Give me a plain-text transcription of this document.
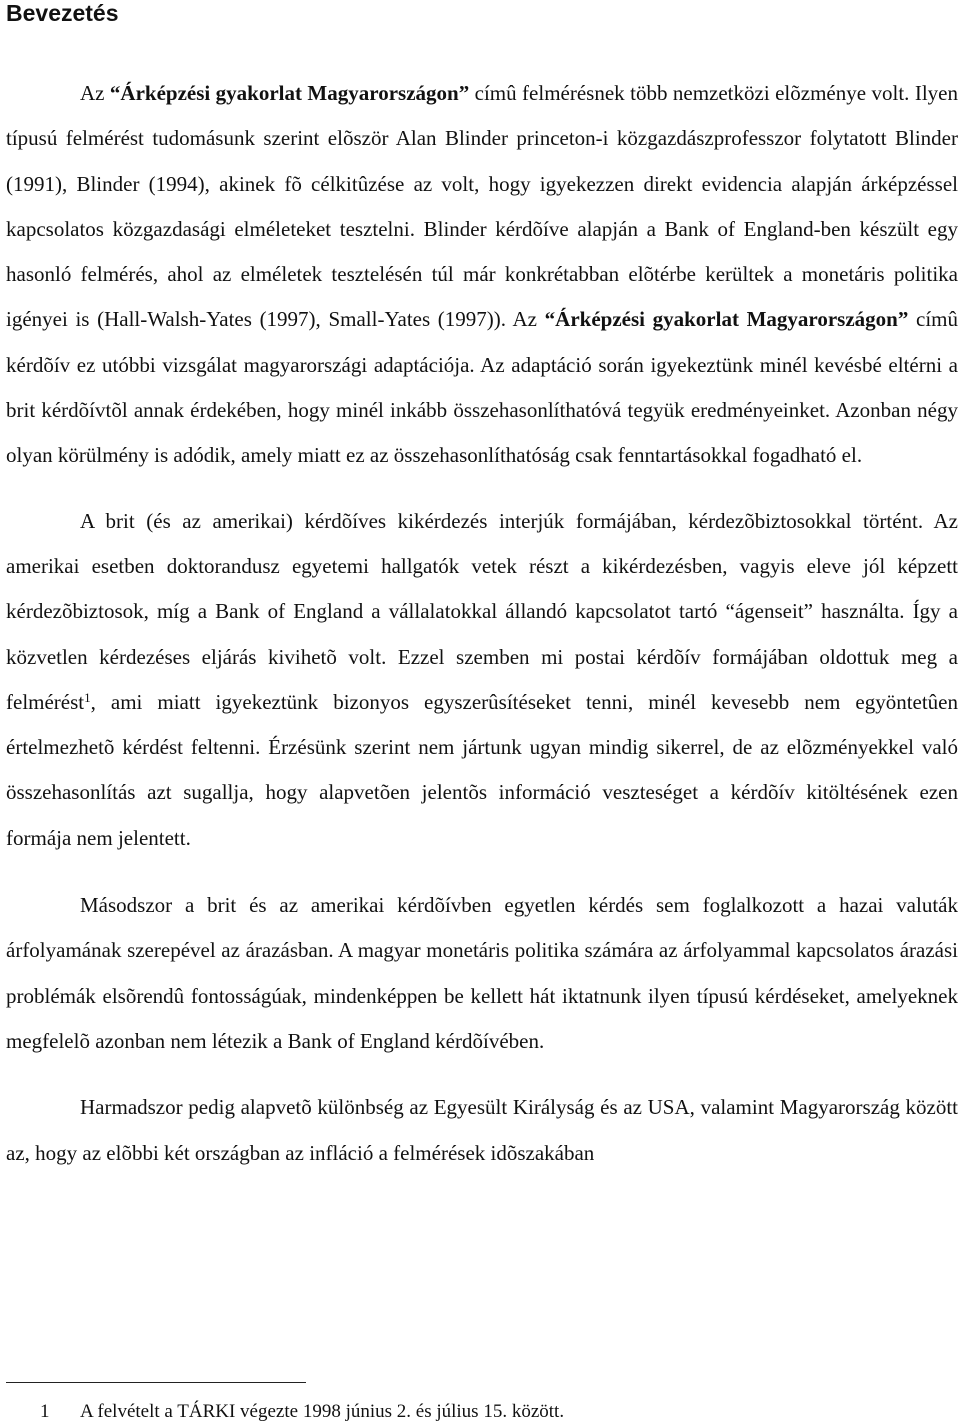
Bevezetés

Az “Árképzési gyakorlat Magyarországon” címû felmérésnek több nemzetközi elõzménye volt. Ilyen típusú felmérést tudomásunk szerint elõször Alan Blinder princeton-i közgazdászprofesszor folytatott Blinder (1991), Blinder (1994), akinek fõ célkitûzése az volt, hogy igyekezzen direkt evidencia alapján árképzéssel kapcsolatos közgazdasági elméleteket tesztelni. Blinder kérdõíve alapján a Bank of England-ben készült egy hasonló felmérés, ahol az elméletek tesztelésén túl már konkrétabban elõtérbe kerültek a monetáris politika igényei is (Hall-Walsh-Yates (1997), Small-Yates (1997)). Az “Árképzési gyakorlat Magyarországon” címû kérdõív ez utóbbi vizsgálat magyarországi adaptációja. Az adaptáció során igyekeztünk minél kevésbé eltérni a brit kérdõívtõl annak érdekében, hogy minél inkább összehasonlíthatóvá tegyük eredményeinket. Azonban négy olyan körülmény is adódik, amely miatt ez az összehasonlíthatóság csak fenntartásokkal fogadható el.

A brit (és az amerikai) kérdõíves kikérdezés interjúk formájában, kérdezõbiztosokkal történt. Az amerikai esetben doktorandusz egyetemi hallgatók vetek részt a kikérdezésben, vagyis eleve jól képzett kérdezõbiztosok, míg a Bank of England a vállalatokkal állandó kapcsolatot tartó “ágenseit” használta. Így a közvetlen kérdezéses eljárás kivihetõ volt. Ezzel szemben mi postai kérdõív formájában oldottuk meg a felmérést$^1$, ami miatt igyekeztünk bizonyos egyszerûsítéseket tenni, minél kevesebb nem egyöntetûen értelmezhetõ kérdést feltenni. Érzésünk szerint nem jártunk ugyan mindig sikerrel, de az elõzményekkel való összehasonlítás azt sugallja, hogy alapvetõen jelentõs információ veszteséget a kérdõív kitöltésének ezen formája nem jelentett.

Másodszor a brit és az amerikai kérdõívben egyetlen kérdés sem foglalkozott a hazai valuták árfolyamának szerepével az árazásban. A magyar monetáris politika számára az árfolyammal kapcsolatos árazási problémák elsõrendû fontosságúak, mindenképpen be kellett hát iktatnunk ilyen típusú kérdéseket, amelyeknek megfelelõ azonban nem létezik a Bank of England kérdõívében.

Harmadszor pedig alapvetõ különbség az Egyesült Királyság és az USA, valamint Magyarország között az, hogy az elõbbi két országban az infláció a felmérések idõszakában

1 A felvételt a TÁRKI végezte 1998 június 2. és július 15. között.
